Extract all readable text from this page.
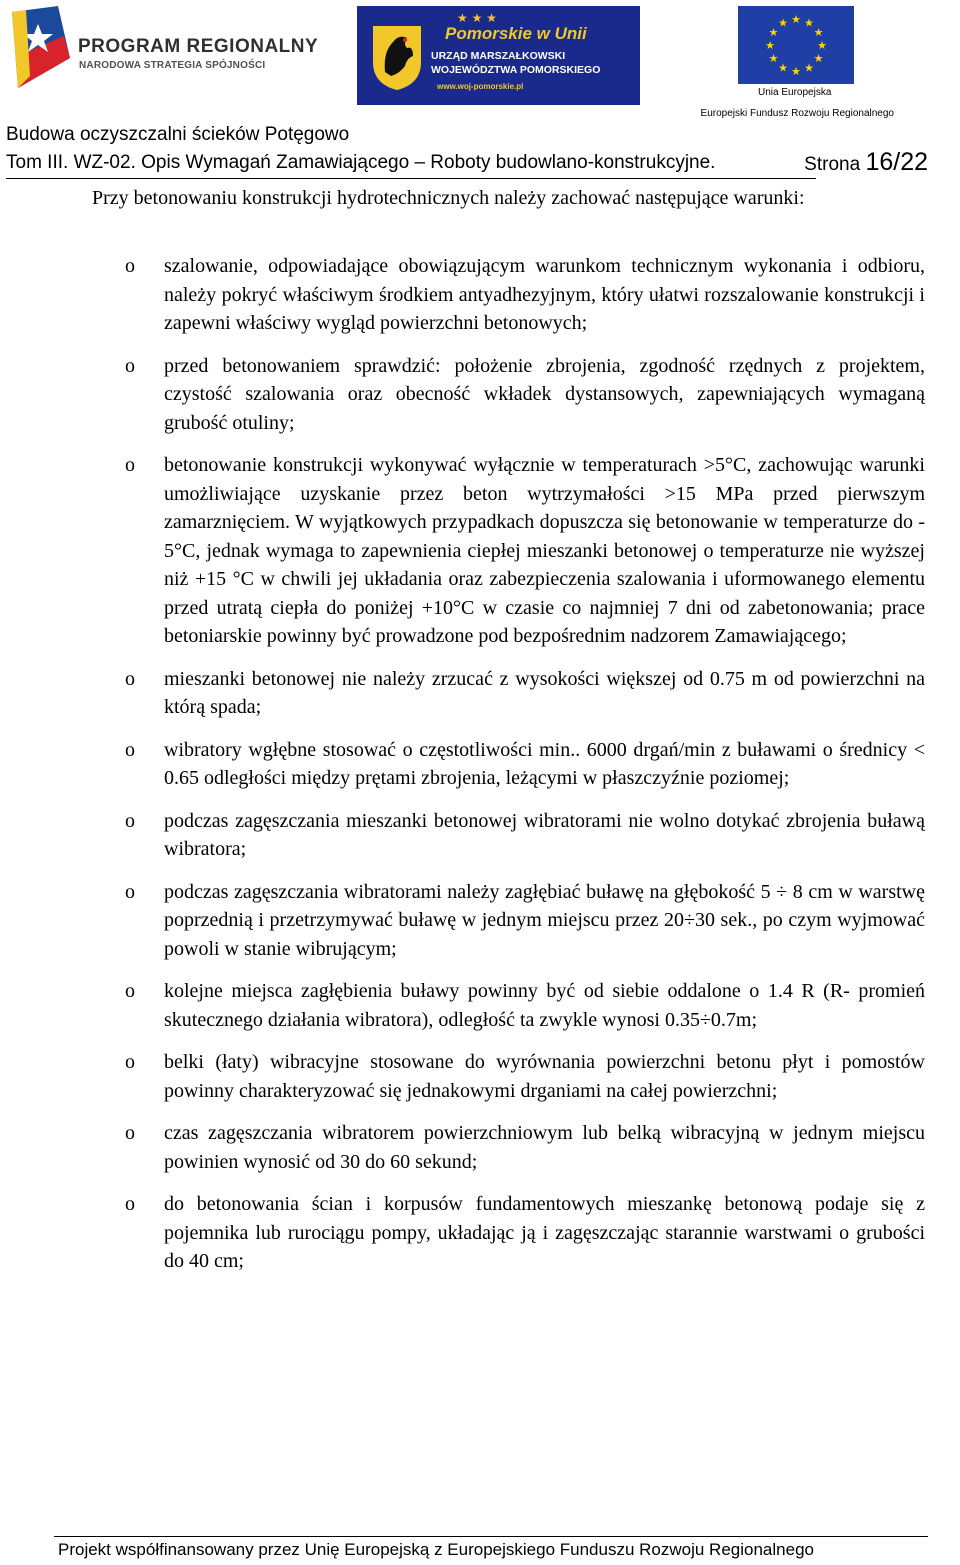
PROGRAM REGIONALNY
NARODOWA STRATEGIA SPÓJNOŚCI
★ ★ ★
Pomorskie w Unii
URZĄD MARSZAŁKOWSKI
WOJEWÓDZTWA POMORSKIEGO
www.woj-pomorskie.pl
★ ★
★
★
★
★
★
★
★
★
★
★
Unia Europejska
Europejski Fundusz Rozwoju Regionalnego
Budowa oczyszczalni ścieków Potęgowo
Tom III. WZ-02. Opis Wymagań Zamawiającego – Roboty budowlano-konstrukcyjne.	Strona 16/22
Przy betonowaniu konstrukcji hydrotechnicznych należy zachować następujące warunki:
o szalowanie, odpowiadające obowiązującym warunkom technicznym wykonania i odbioru, należy pokryć właściwym środkiem antyadhezyjnym, który ułatwi rozszalowanie konstrukcji i zapewni właściwy wygląd powierzchni betonowych;
o przed betonowaniem sprawdzić: położenie zbrojenia, zgodność rzędnych z projektem, czystość szalowania oraz obecność wkładek dystansowych, zapewniających wymaganą grubość otuliny;
o betonowanie konstrukcji wykonywać wyłącznie w temperaturach >5°C, zachowując warunki umożliwiające uzyskanie przez beton wytrzymałości >15 MPa przed pierwszym zamarznięciem. W wyjątkowych przypadkach dopuszcza się betonowanie w temperaturze do - 5°C, jednak wymaga to zapewnienia ciepłej mieszanki betonowej o temperaturze nie wyższej niż +15 °C w chwili jej układania oraz zabezpieczenia szalowania i uformowanego elementu przed utratą ciepła do poniżej +10°C w czasie co najmniej 7 dni od zabetonowania; prace betoniarskie powinny być prowadzone pod bezpośrednim nadzorem Zamawiającego;
o mieszanki betonowej nie należy zrzucać z wysokości większej od 0.75 m od powierzchni na którą spada;
o wibratory wgłębne stosować o częstotliwości min.. 6000 drgań/min z buławami o średnicy < 0.65 odległości między prętami zbrojenia, leżącymi w płaszczyźnie poziomej;
o podczas zagęszczania mieszanki betonowej wibratorami nie wolno dotykać zbrojenia buławą wibratora;
o podczas zagęszczania wibratorami należy zagłębiać buławę na głębokość 5 ÷ 8 cm w warstwę poprzednią i przetrzymywać buławę w jednym miejscu przez 20÷30 sek., po czym wyjmować powoli w stanie wibrującym;
o kolejne miejsca zagłębienia buławy powinny być od siebie oddalone o 1.4 R (R- promień skutecznego działania wibratora), odległość ta zwykle wynosi 0.35÷0.7m;
o belki (łaty) wibracyjne stosowane do wyrównania powierzchni betonu płyt i pomostów powinny charakteryzować się jednakowymi drganiami na całej powierzchni;
o czas zagęszczania wibratorem powierzchniowym lub belką wibracyjną w jednym miejscu powinien wynosić od 30 do 60 sekund;
o do betonowania ścian i korpusów fundamentowych mieszankę betonową podaje się z pojemnika lub rurociągu pompy, układając ją i zagęszczając starannie warstwami o grubości do 40 cm;
Projekt współfinansowany przez Unię Europejską z Europejskiego Funduszu Rozwoju Regionalnego
